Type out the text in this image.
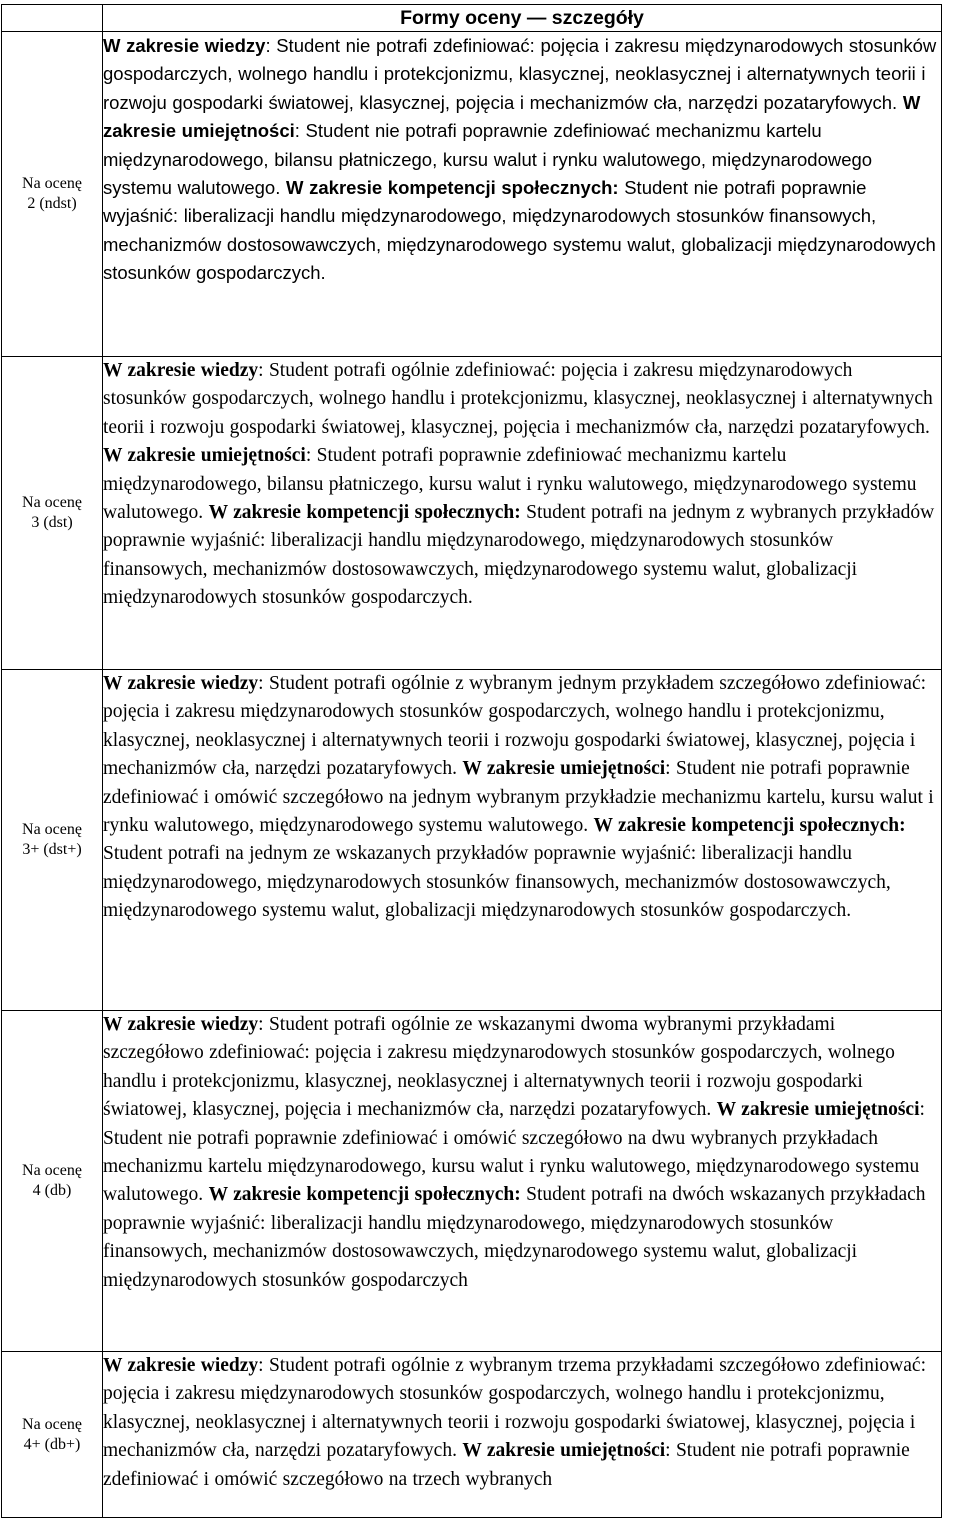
	Formy oceny — szczegóły

Na ocenę
2 (ndst)	W zakresie wiedzy: Student nie potrafi zdefiniować: pojęcia i zakresu międzynarodowych stosunków gospodarczych, wolnego handlu i protekcjonizmu, klasycznej, neoklasycznej i alternatywnych teorii i rozwoju gospodarki światowej, klasycznej, pojęcia i mechanizmów cła, narzędzi pozataryfowych. W zakresie umiejętności: Student nie potrafi poprawnie zdefiniować mechanizmu kartelu międzynarodowego, bilansu płatniczego, kursu walut i rynku walutowego, międzynarodowego systemu walutowego. W zakresie kompetencji społecznych: Student nie potrafi poprawnie wyjaśnić: liberalizacji handlu międzynarodowego, międzynarodowych stosunków finansowych, mechanizmów dostosowawczych, międzynarodowego systemu walut, globalizacji międzynarodowych stosunków gospodarczych.

Na ocenę
3 (dst)	W zakresie wiedzy: Student potrafi ogólnie zdefiniować: pojęcia i zakresu międzynarodowych stosunków gospodarczych, wolnego handlu i protekcjonizmu, klasycznej, neoklasycznej i alternatywnych teorii i rozwoju gospodarki światowej, klasycznej, pojęcia i mechanizmów cła, narzędzi pozataryfowych. W zakresie umiejętności: Student potrafi poprawnie zdefiniować mechanizmu kartelu międzynarodowego, bilansu płatniczego, kursu walut i rynku walutowego, międzynarodowego systemu walutowego. W zakresie kompetencji społecznych: Student potrafi na jednym z wybranych przykładów poprawnie wyjaśnić: liberalizacji handlu międzynarodowego, międzynarodowych stosunków finansowych, mechanizmów dostosowawczych, międzynarodowego systemu walut, globalizacji międzynarodowych stosunków gospodarczych.

Na ocenę
3+ (dst+)	W zakresie wiedzy: Student potrafi ogólnie z wybranym jednym przykładem szczegółowo zdefiniować: pojęcia i zakresu międzynarodowych stosunków gospodarczych, wolnego handlu i protekcjonizmu, klasycznej, neoklasycznej i alternatywnych teorii i rozwoju gospodarki światowej, klasycznej, pojęcia i mechanizmów cła, narzędzi pozataryfowych. W zakresie umiejętności: Student nie potrafi poprawnie zdefiniować i omówić szczegółowo na jednym wybranym przykładzie mechanizmu kartelu, kursu walut i rynku walutowego, międzynarodowego systemu walutowego. W zakresie kompetencji społecznych: Student potrafi na jednym ze wskazanych przykładów poprawnie wyjaśnić: liberalizacji handlu międzynarodowego, międzynarodowych stosunków finansowych, mechanizmów dostosowawczych, międzynarodowego systemu walut, globalizacji międzynarodowych stosunków gospodarczych.

Na ocenę
4 (db)	W zakresie wiedzy: Student potrafi ogólnie ze wskazanymi dwoma wybranymi przykładami szczegółowo zdefiniować: pojęcia i zakresu międzynarodowych stosunków gospodarczych, wolnego handlu i protekcjonizmu, klasycznej, neoklasycznej i alternatywnych teorii i rozwoju gospodarki światowej, klasycznej, pojęcia i mechanizmów cła, narzędzi pozataryfowych. W zakresie umiejętności: Student nie potrafi poprawnie zdefiniować i omówić szczegółowo na dwu wybranych przykładach mechanizmu kartelu międzynarodowego, kursu walut i rynku walutowego, międzynarodowego systemu walutowego. W zakresie kompetencji społecznych: Student potrafi na dwóch wskazanych przykładach poprawnie wyjaśnić: liberalizacji handlu międzynarodowego, międzynarodowych stosunków finansowych, mechanizmów dostosowawczych, międzynarodowego systemu walut, globalizacji międzynarodowych stosunków gospodarczych

Na ocenę
4+ (db+)	W zakresie wiedzy: Student potrafi ogólnie z wybranym trzema przykładami szczegółowo zdefiniować: pojęcia i zakresu międzynarodowych stosunków gospodarczych, wolnego handlu i protekcjonizmu, klasycznej, neoklasycznej i alternatywnych teorii i rozwoju gospodarki światowej, klasycznej, pojęcia i mechanizmów cła, narzędzi pozataryfowych. W zakresie umiejętności: Student nie potrafi poprawnie zdefiniować i omówić szczegółowo na trzech wybranych
